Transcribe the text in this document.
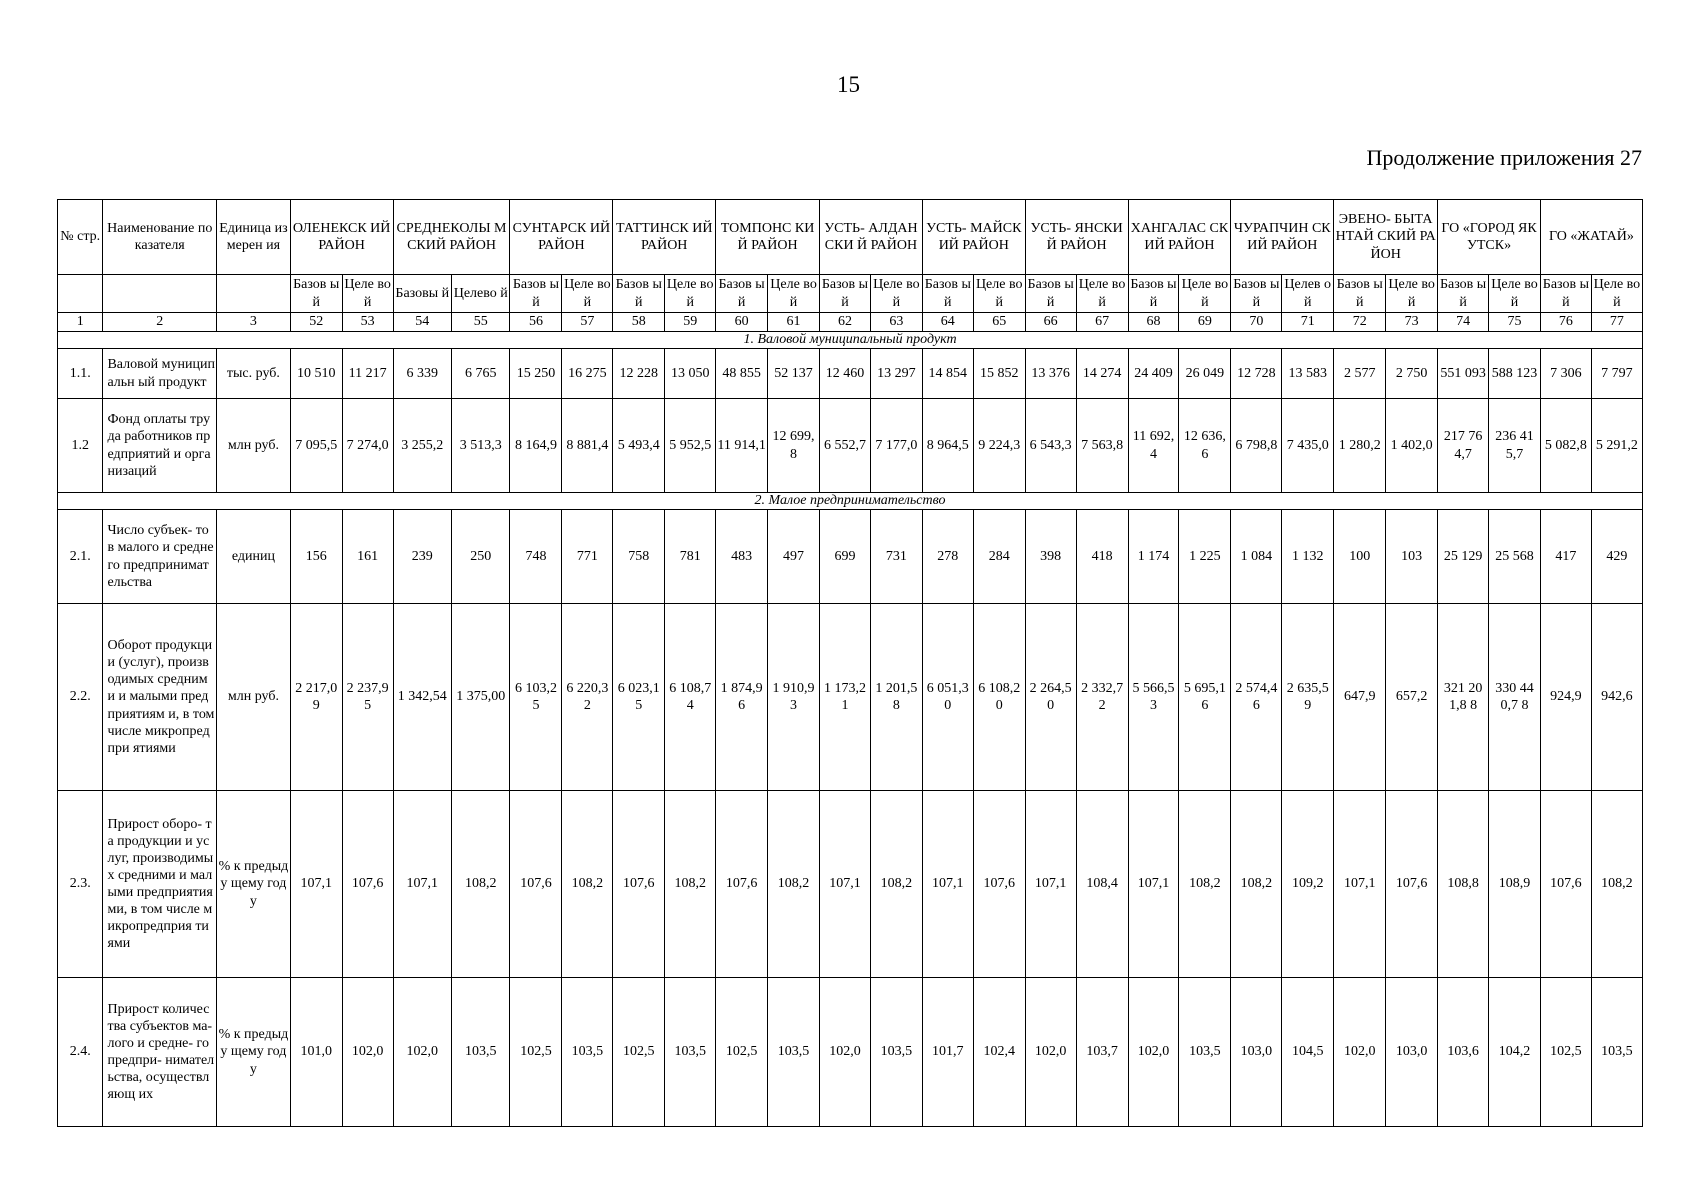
15
Продолжение приложения 27
№ стр.	Наименование показателя	Единица измерен ия	ОЛЕНЕКСК ИЙ РАЙОН		СРЕДНЕКОЛЫ МСКИЙ РАЙОН		СУНТАРСК ИЙ РАЙОН		ТАТТИНСК ИЙ РАЙОН		ТОМПОНС КИЙ РАЙОН		УСТЬ- АЛДАНСКИ Й РАЙОН		УСТЬ- МАЙСКИЙ РАЙОН		УСТЬ- ЯНСКИЙ РАЙОН		ХАНГАЛАС СКИЙ РАЙОН		ЧУРАПЧИН СКИЙ РАЙОН		ЭВЕНО- БЫТАНТАЙ СКИЙ РАЙОН		ГО «ГОРОД ЯКУТСК»		ГО «ЖАТАЙ»	
			Базов ый	Целе вой	Базовы й	Целево й	Базов ый	Целе вой	Базов ый	Целе вой	Базов ый	Целе вой	Базов ый	Целе вой	Базов ый	Целе вой	Базов ый	Целе вой	Базов ый	Целе вой	Базов ый	Целев ой	Базов ый	Целе вой	Базов ый	Целе вой	Базов ый	Целе вой
1	2	3	52	53	54	55	56	57	58	59	60	61	62	63	64	65	66	67	68	69	70	71	72	73	74	75	76	77
1. Валовой муниципальный продукт																												
1.1.	Валовой муниципальн ый продукт	тыс. руб.	10 510	11 217	6 339	6 765	15 250	16 275	12 228	13 050	48 855	52 137	12 460	13 297	14 854	15 852	13 376	14 274	24 409	26 049	12 728	13 583	2 577	2 750	551 093	588 123	7 306	7 797
1.2	Фонд оплаты труда работников предприятий и организаций	млн руб.	7 095,5	7 274,0	3 255,2	3 513,3	8 164,9	8 881,4	5 493,4	5 952,5	11 914,1	12 699,8	6 552,7	7 177,0	8 964,5	9 224,3	6 543,3	7 563,8	11 692,4	12 636,6	6 798,8	7 435,0	1 280,2	1 402,0	217 764,7	236 415,7	5 082,8	5 291,2
2. Малое предпринимательство																												
2.1.	Число субъек- тов малого и среднего предпринимат ельства	единиц	156	161	239	250	748	771	758	781	483	497	699	731	278	284	398	418	1 174	1 225	1 084	1 132	100	103	25 129	25 568	417	429
2.2.	Оборот продукции (услуг), производимых средними и малыми предприятиям и, в том числе микропредпри ятиями	млн руб.	2 217,0 9	2 237,9 5	1 342,54	1 375,00	6 103,2 5	6 220,3 2	6 023,1 5	6 108,7 4	1 874,9 6	1 910,9 3	1 173,2 1	1 201,5 8	6 051,3 0	6 108,2 0	2 264,5 0	2 332,7 2	5 566,5 3	5 695,1 6	2 574,4 6	2 635,5 9	647,9	657,2	321 201,8 8	330 440,7 8	924,9	942,6
2.3.	Прирост оборо- та продукции и услуг, производимых средними и малыми предприятиями, в том числе микропредприя тиями	% к предыду щему году	107,1	107,6	107,1	108,2	107,6	108,2	107,6	108,2	107,6	108,2	107,1	108,2	107,1	107,6	107,1	108,4	107,1	108,2	108,2	109,2	107,1	107,6	108,8	108,9	107,6	108,2
2.4.	Прирост количества субъектов ма- лого и средне- го предпри- нимательства, осуществляющ их	% к предыду щему году	101,0	102,0	102,0	103,5	102,5	103,5	102,5	103,5	102,5	103,5	102,0	103,5	101,7	102,4	102,0	103,7	102,0	103,5	103,0	104,5	102,0	103,0	103,6	104,2	102,5	103,5
